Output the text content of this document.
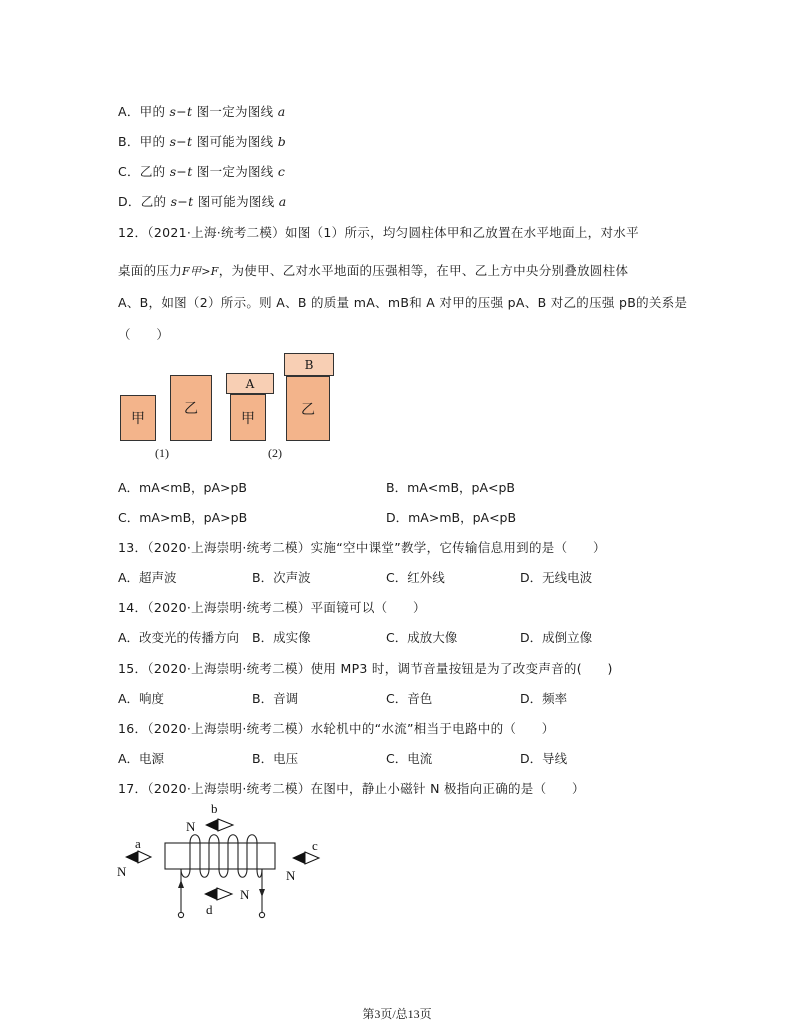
A．甲的 s−t 图一定为图线 a
B．甲的 s−t 图可能为图线 b
C．乙的 s−t 图一定为图线 c
D．乙的 s−t 图可能为图线 a
12．（2021·上海·统考二模）如图（1）所示，均匀圆柱体甲和乙放置在水平地面上，对水平
桌面的压力F甲>F，为使甲、乙对水平地面的压强相等，在甲、乙上方中央分别叠放圆柱体
A、B，如图（2）所示。则 A、B 的质量 mA、mB和 A 对甲的压强 pA、B 对乙的压强 pB的关系是
（　　）
甲
乙
A
甲
B
乙
(1)	(2)
A．mA<mB，pA>pB	B．mA<mB，pA<pB
C．mA>mB，pA>pB	D．mA>mB，pA<pB
13．（2020·上海崇明·统考二模）实施“空中课堂”教学，它传输信息用到的是（　　）
A．超声波	B．次声波	C．红外线	D．无线电波
14．（2020·上海崇明·统考二模）平面镜可以（　　）
A．改变光的传播方向 B．成实像	C．成放大像	D．成倒立像
15．（2020·上海崇明·统考二模）使用 MP3 时，调节音量按钮是为了改变声音的(　　)
A．响度	B．音调	C．音色	D．频率
16．（2020·上海崇明·统考二模）水轮机中的“水流”相当于电路中的（　　）
A．电源	B．电压	C．电流	D．导线
17．（2020·上海崇明·统考二模）在图中，静止小磁针 N 极指向正确的是（　　）
a
N
b
N
c
N
d
N
第3页/总13页
